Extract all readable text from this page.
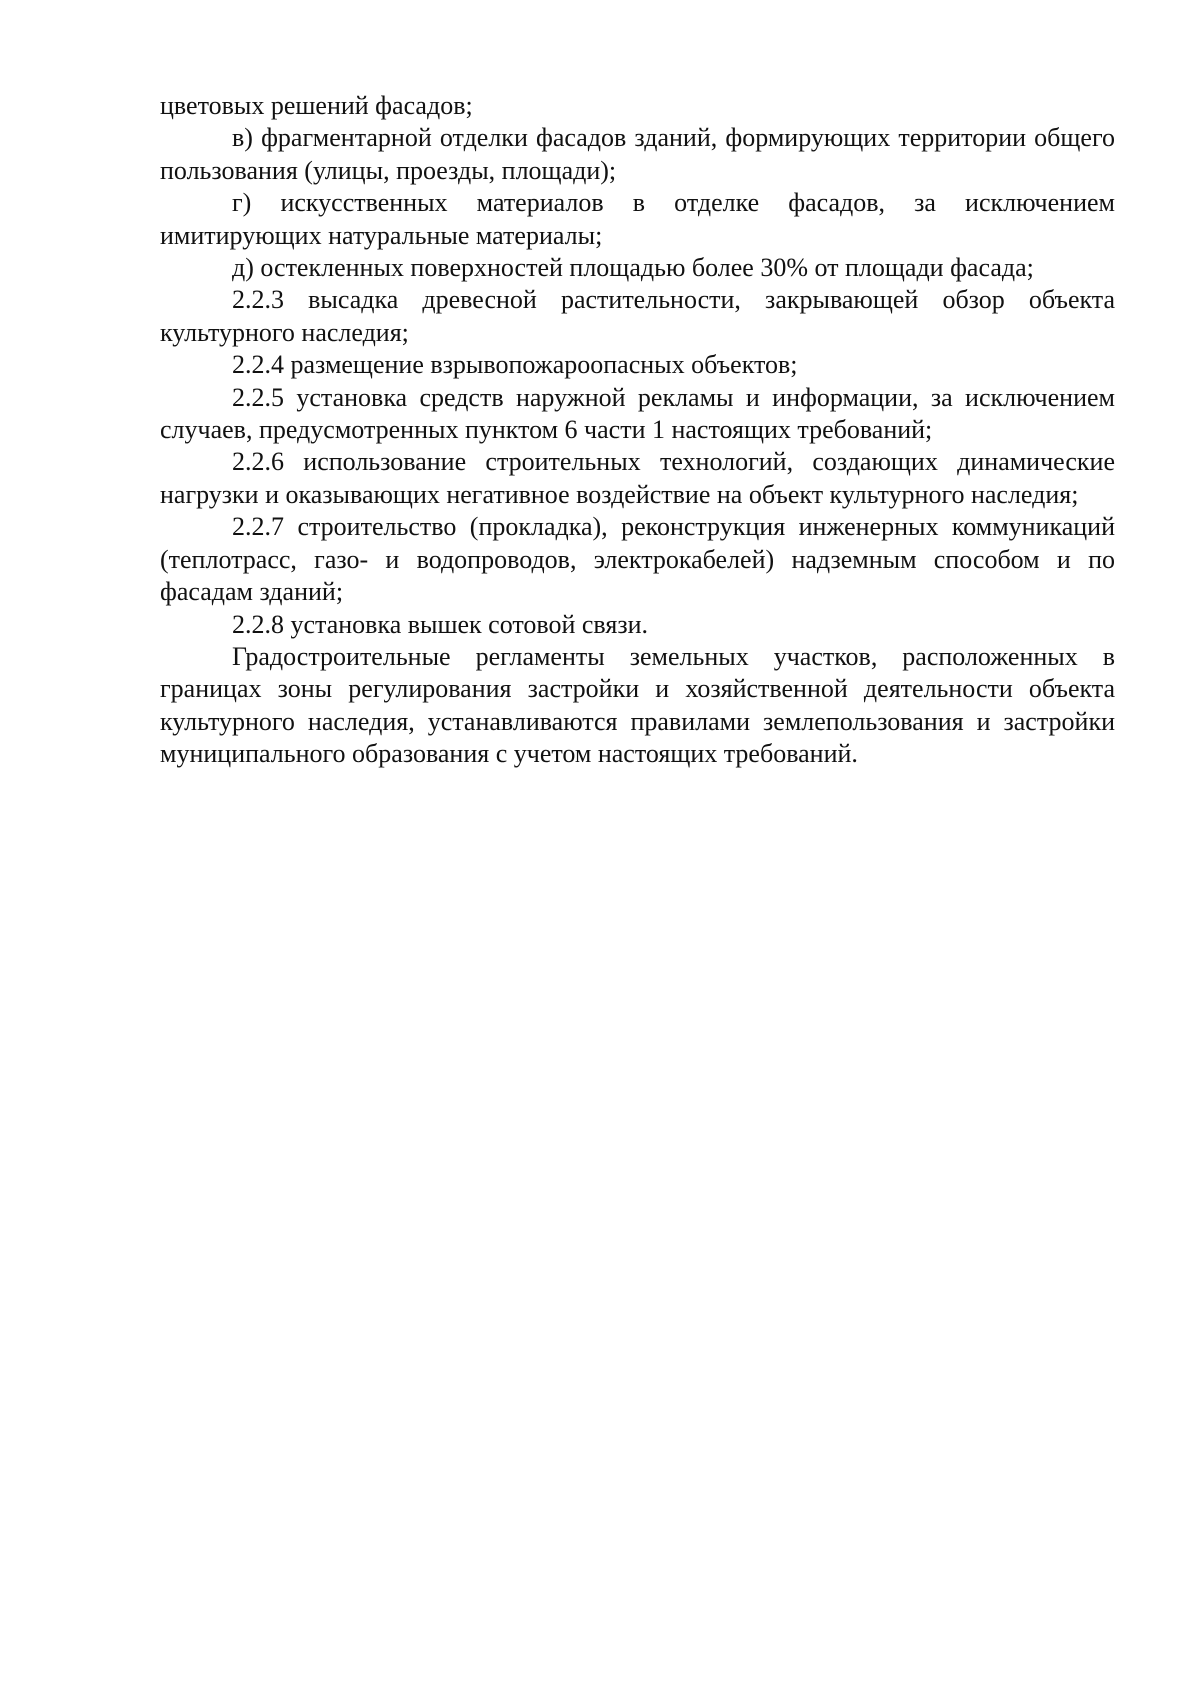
цветовых решений фасадов;

в) фрагментарной отделки фасадов зданий, формирующих территории общего пользования (улицы, проезды, площади);

г) искусственных материалов в отделке фасадов, за исключением имитирующих натуральные материалы;

д) остекленных поверхностей площадью более 30% от площади фасада;

2.2.3 высадка древесной растительности, закрывающей обзор объекта культурного наследия;

2.2.4 размещение взрывопожароопасных объектов;

2.2.5 установка средств наружной рекламы и информации, за исключением случаев, предусмотренных пунктом 6 части 1 настоящих требований;

2.2.6 использование строительных технологий, создающих динамические нагрузки и оказывающих негативное воздействие на объект культурного наследия;

2.2.7 строительство (прокладка), реконструкция инженерных коммуникаций (теплотрасс, газо- и водопроводов, электрокабелей) надземным способом и по фасадам зданий;

2.2.8 установка вышек сотовой связи.

Градостроительные регламенты земельных участков, расположенных в границах зоны регулирования застройки и хозяйственной деятельности объекта культурного наследия, устанавливаются правилами землепользования и застройки муниципального образования с учетом настоящих требований.
